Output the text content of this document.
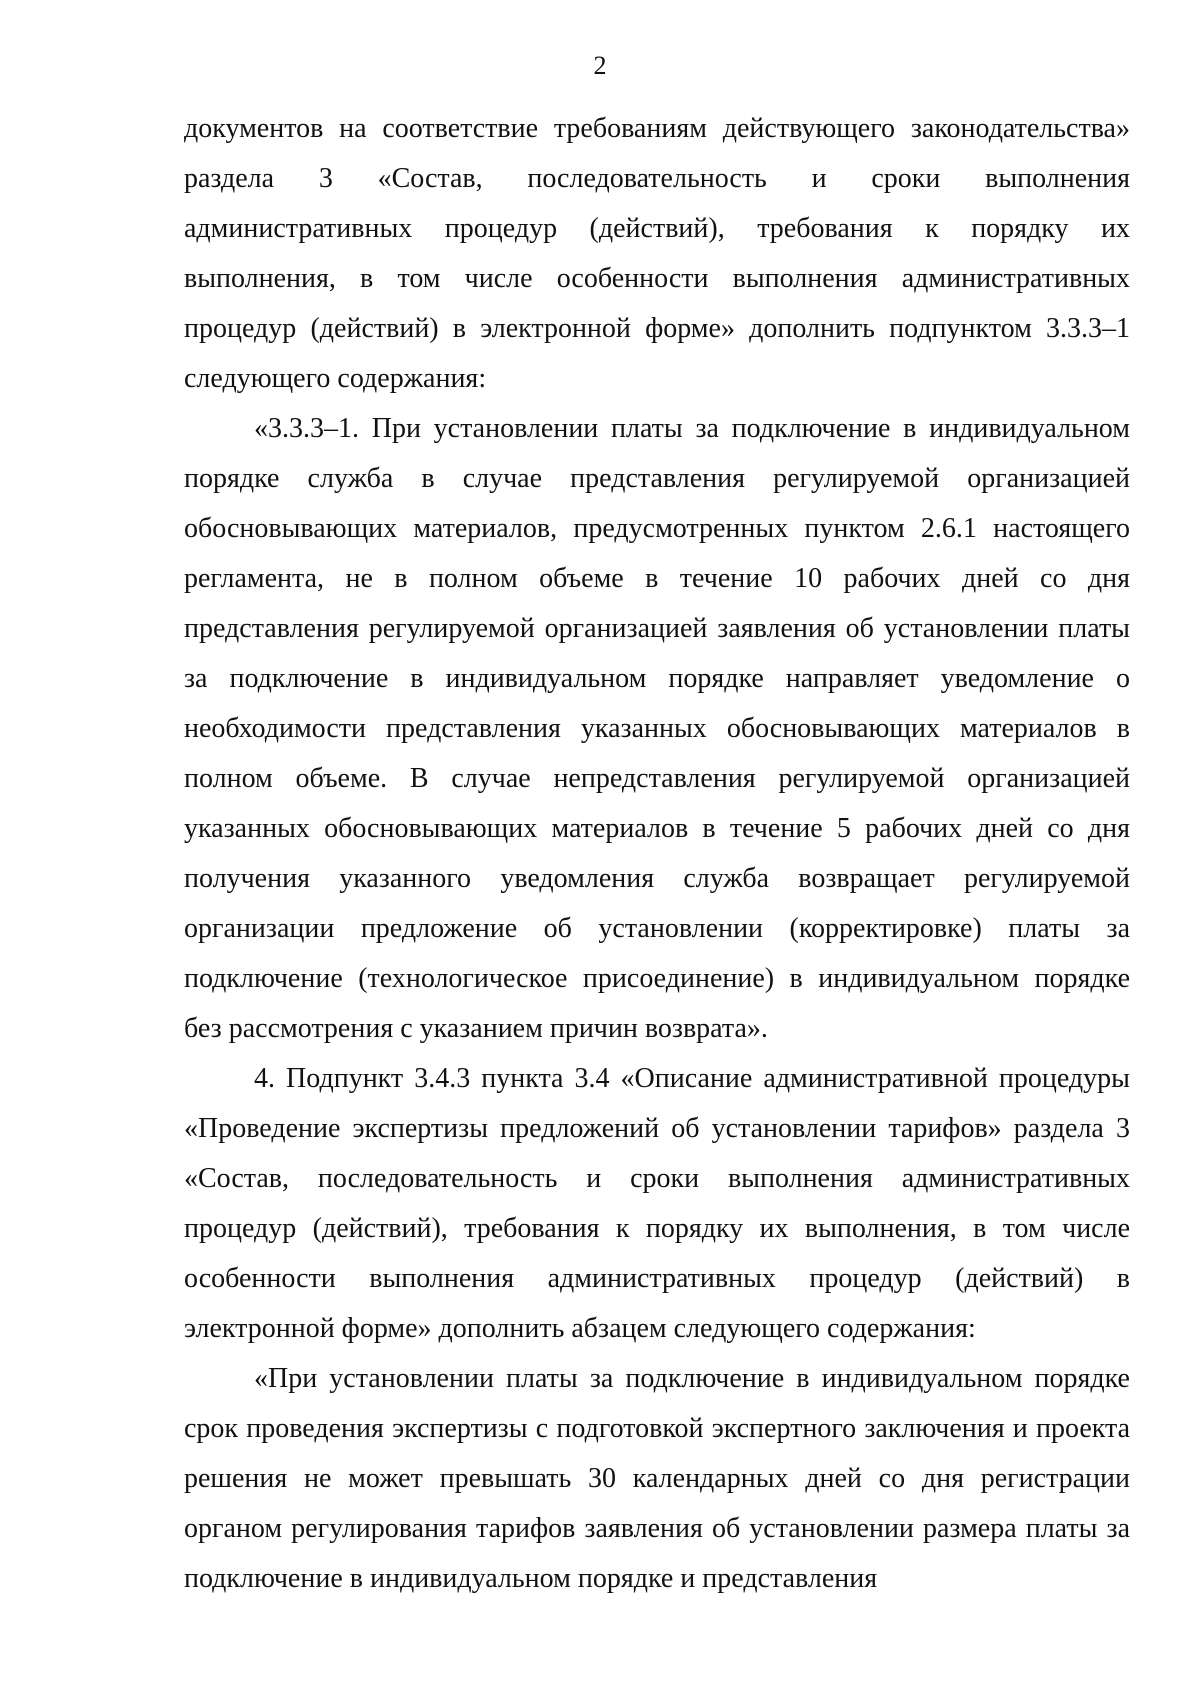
2

документов на соответствие требованиям действующего законодательства» раздела 3 «Состав, последовательность и сроки выполнения административных процедур (действий), требования к порядку их выполнения, в том числе особенности выполнения административных процедур (действий) в электронной форме» дополнить подпунктом 3.3.3–1 следующего содержания:

«3.3.3–1. При установлении платы за подключение в индивидуальном порядке служба в случае представления регулируемой организацией обосновывающих материалов, предусмотренных пунктом 2.6.1 настоящего регламента, не в полном объеме в течение 10 рабочих дней со дня представления регулируемой организацией заявления об установлении платы за подключение в индивидуальном порядке направляет уведомление о необходимости представления указанных обосновывающих материалов в полном объеме. В случае непредставления регулируемой организацией указанных обосновывающих материалов в течение 5 рабочих дней со дня получения указанного уведомления служба возвращает регулируемой организации предложение об установлении (корректировке) платы за подключение (технологическое присоединение) в индивидуальном порядке без рассмотрения с указанием причин возврата».

4. Подпункт 3.4.3 пункта 3.4 «Описание административной процедуры «Проведение экспертизы предложений об установлении тарифов» раздела 3 «Состав, последовательность и сроки выполнения административных процедур (действий), требования к порядку их выполнения, в том числе особенности выполнения административных процедур (действий) в электронной форме» дополнить абзацем следующего содержания:

«При установлении платы за подключение в индивидуальном порядке срок проведения экспертизы с подготовкой экспертного заключения и проекта решения не может превышать 30 календарных дней со дня регистрации органом регулирования тарифов заявления об установлении размера платы за подключение в индивидуальном порядке и представления
